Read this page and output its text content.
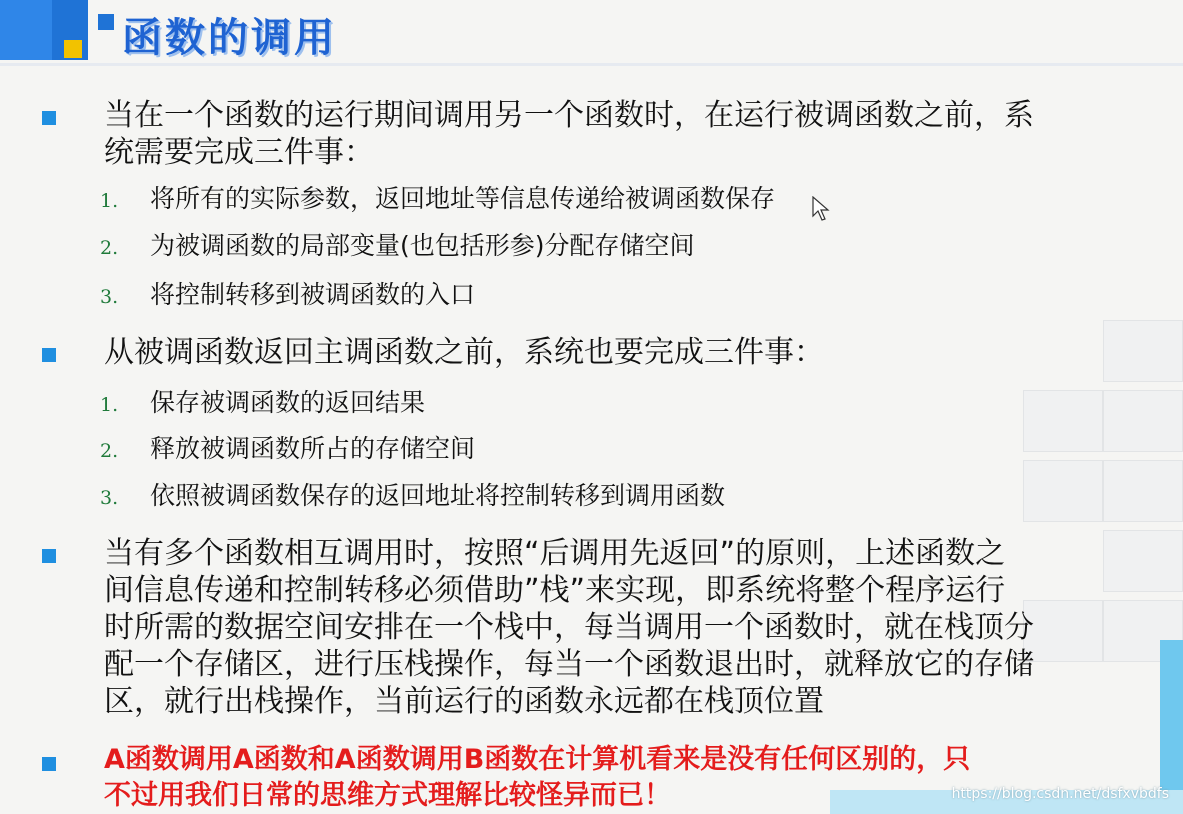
函数的调用
当在一个函数的运行期间调用另一个函数时，在运行被调函数之前，系
统需要完成三件事：
1. 将所有的实际参数，返回地址等信息传递给被调函数保存
2. 为被调函数的局部变量(也包括形参)分配存储空间
3. 将控制转移到被调函数的入口
从被调函数返回主调函数之前，系统也要完成三件事：
1. 保存被调函数的返回结果
2. 释放被调函数所占的存储空间
3. 依照被调函数保存的返回地址将控制转移到调用函数
当有多个函数相互调用时，按照“后调用先返回”的原则，上述函数之
间信息传递和控制转移必须借助”栈”来实现，即系统将整个程序运行
时所需的数据空间安排在一个栈中，每当调用一个函数时，就在栈顶分
配一个存储区，进行压栈操作，每当一个函数退出时，就释放它的存储
区，就行出栈操作，当前运行的函数永远都在栈顶位置
A函数调用A函数和A函数调用B函数在计算机看来是没有任何区别的，只
不过用我们日常的思维方式理解比较怪异而已！	https://blog.csdn.net/dsfxvbdfs
